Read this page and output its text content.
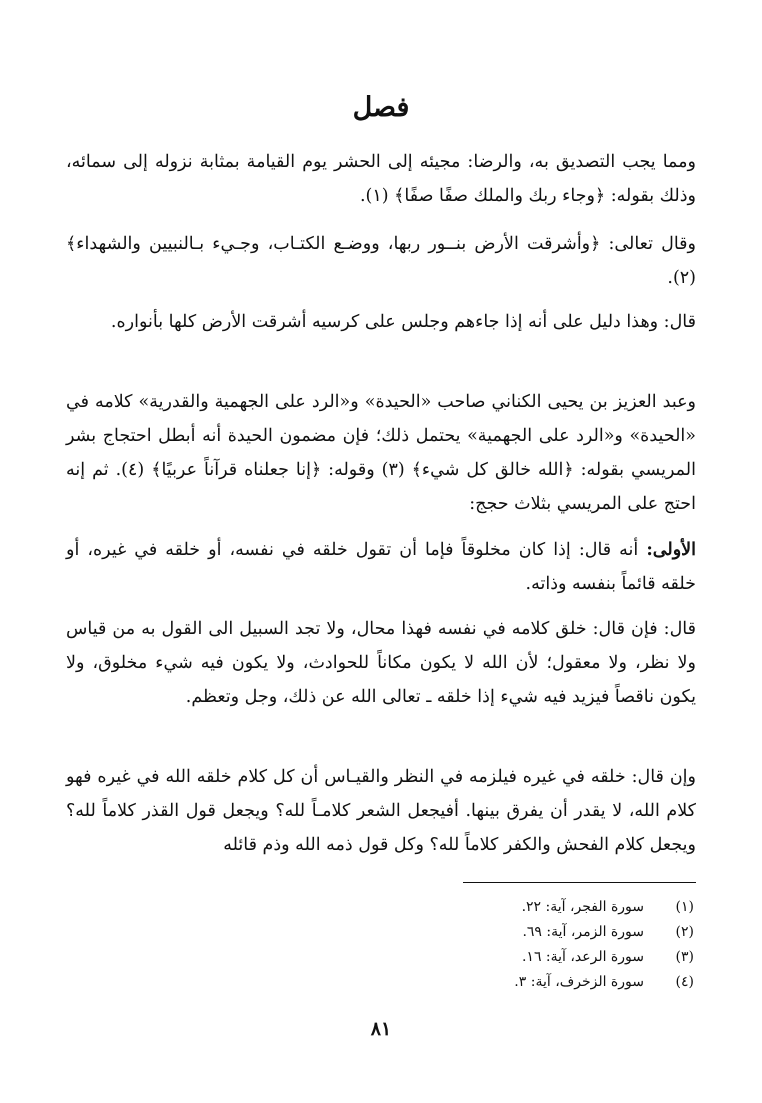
فصل

ومما يجب التصديق به، والرضا: مجيئه إلى الحشر يوم القيامة بمثابة نزوله إلى سمائه، وذلك بقوله: ﴿وجاء ربك والملك صفًا صفًا﴾ (١).

وقال تعالى: ﴿وأشرقت الأرض بنــور ربها، ووضـع الكتـاب، وجـيء بـالنبيين والشهداء﴾ (٢).

قال: وهذا دليل على أنه إذا جاءهم وجلس على كرسيه أشرقت الأرض كلها بأنواره.

وعبد العزيز بن يحيى الكناني صاحب «الحيدة» و«الرد على الجهمية والقدرية» كلامه في «الحيدة» و«الرد على الجهمية» يحتمل ذلك؛ فإن مضمون الحيدة أنه أبطل احتجاج بشر المريسي بقوله: ﴿الله خالق كل شيء﴾ (٣) وقوله: ﴿إنا جعلناه قرآناً عربيًا﴾ (٤). ثم إنه احتج على المريسي بثلاث حجج:

الأولى: أنه قال: إذا كان مخلوقاً فإما أن تقول خلقه في نفسه، أو خلقه في غيره، أو خلقه قائماً بنفسه وذاته.

قال: فإن قال: خلق كلامه في نفسه فهذا محال، ولا تجد السبيل الى القول به من قياس ولا نظر، ولا معقول؛ لأن الله لا يكون مكاناً للحوادث، ولا يكون فيه شيء مخلوق، ولا يكون ناقصاً فيزيد فيه شيء إذا خلقه ـ تعالى الله عن ذلك، وجل وتعظم.

وإن قال: خلقه في غيره فيلزمه في النظر والقيـاس أن كل كلام خلقه الله في غيره فهو كلام الله، لا يقدر أن يفرق بينها. أفيجعل الشعر كلامـاً لله؟ ويجعل قول القذر كلاماً لله؟ ويجعل كلام الفحش والكفر كلاماً لله؟ وكل قول ذمه الله وذم قائله

(١)
سورة الفجر، آية: ٢٢.
(٢)
سورة الزمر، آية: ٦٩.
(٣)
سورة الرعد، آية: ١٦.
(٤)
سورة الزخرف، آية: ٣.
٨١
